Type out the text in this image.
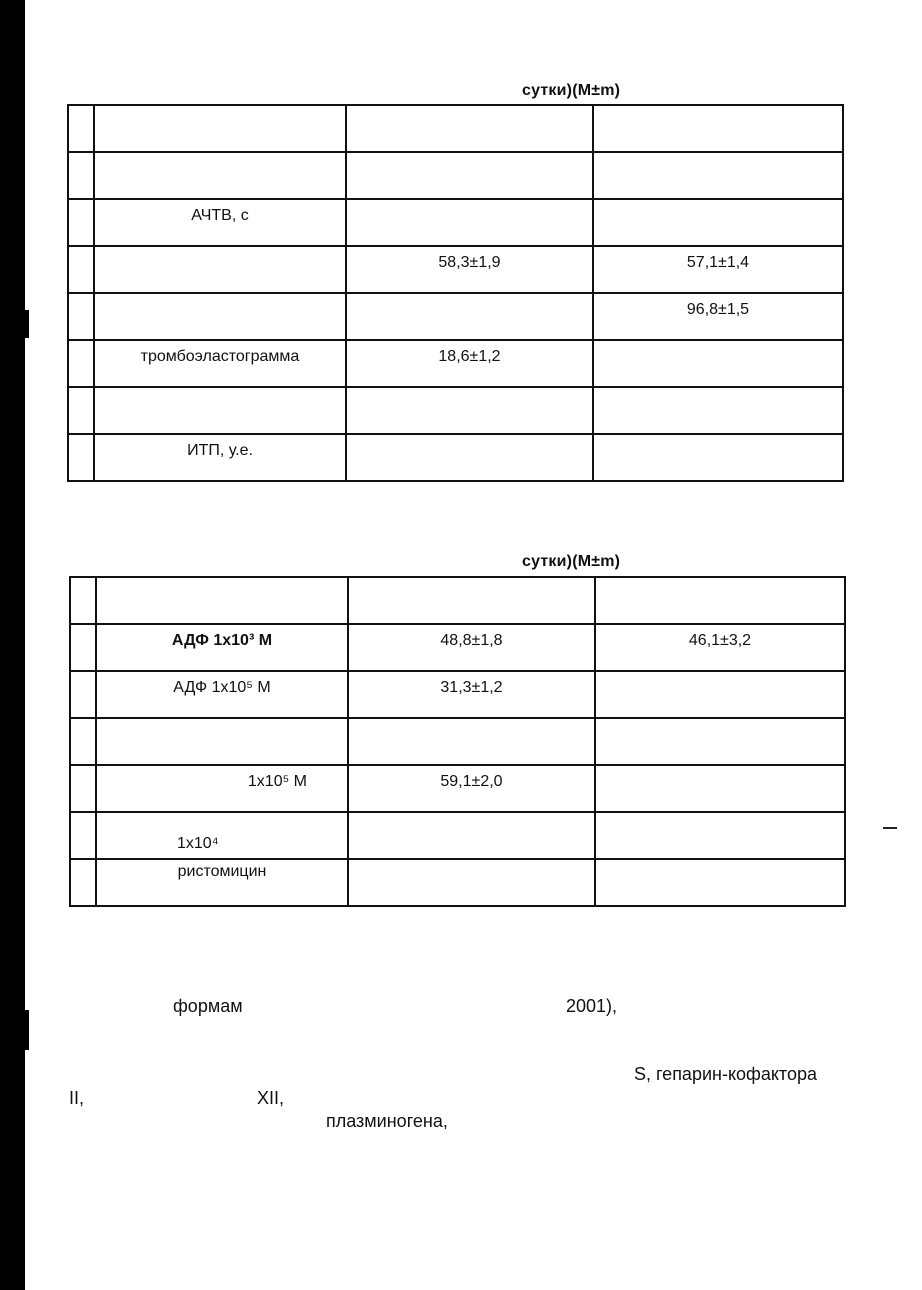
сутки)(M±m)

	АЧТВ, с		

		58,3±1,9	57,1±1,4

			96,8±1,5

	тромбоэластограмма	18,6±1,2	

	ИТП, у.е.		

сутки)(M±m)

	АДФ 1х10³ М	48,8±1,8	46,1±3,2

	АДФ 1х10⁵ М	31,3±1,2	

	1х10⁵ М	59,1±2,0	

	1х10⁴		

	ристомицин		

формам	2001),
S, гепарин-кофактора
II,	XII,
плазминогена,
